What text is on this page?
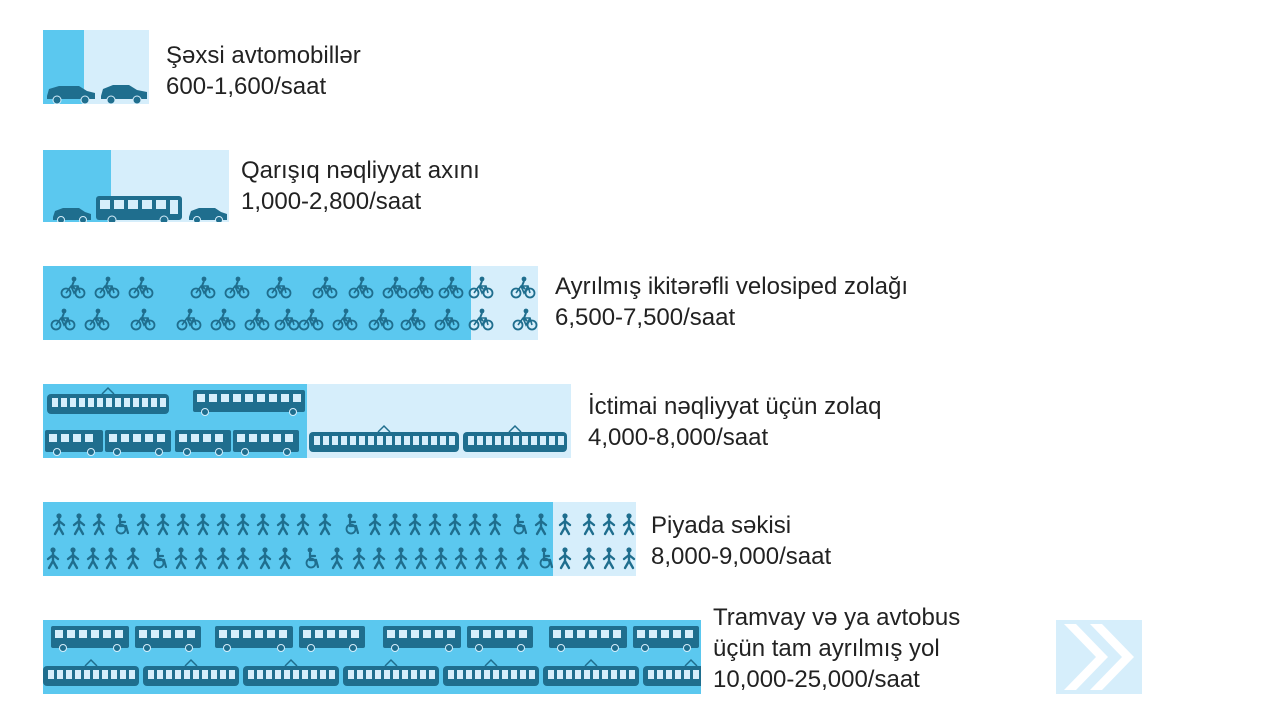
Şəxsi avtomobillər
600-1,600/saat
Qarışıq nəqliyyat axını
1,000-2,800/saat
Ayrılmış ikitərəfli velosiped zolağı
6,500-7,500/saat
İctimai nəqliyyat üçün zolaq
4,000-8,000/saat
Piyada səkisi
8,000-9,000/saat
Tramvay və ya avtobus
üçün tam ayrılmış yol
10,000-25,000/saat
